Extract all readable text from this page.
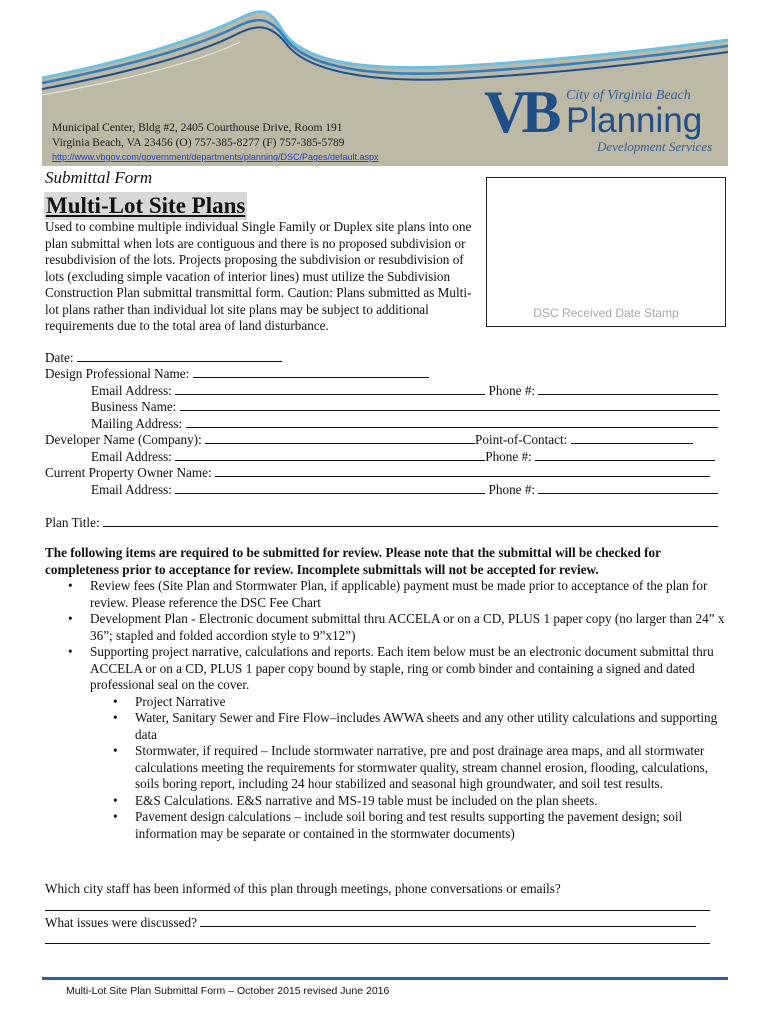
Municipal Center, Bldg #2, 2405 Courthouse Drive, Room 191
Virginia Beach, VA 23456 (O) 757-385-8277 (F) 757-385-5789
http://www.vbgov.com/government/departments/planning/DSC/Pages/default.aspx
VB City of Virginia Beach
Planning
Development Services
Submittal Form
Multi-Lot Site Plans
Used to combine multiple individual Single Family or Duplex site plans into one plan submittal when lots are contiguous and there is no proposed subdivision or resubdivision of the lots. Projects proposing the subdivision or resubdivision of lots (excluding simple vacation of interior lines) must utilize the Subdivision Construction Plan submittal transmittal form. Caution: Plans submitted as Multi-lot plans rather than individual lot site plans may be subject to additional requirements due to the total area of land disturbance.
DSC Received Date Stamp
Date:
Design Professional Name:
Email Address:	Phone #:
Business Name:
Mailing Address:
Developer Name (Company):	Point-of-Contact:
Email Address:	Phone #:
Current Property Owner Name:
Email Address:	Phone #:
Plan Title:

The following items are required to be submitted for review. Please note that the submittal will be checked for completeness prior to acceptance for review. Incomplete submittals will not be accepted for review.

• Review fees (Site Plan and Stormwater Plan, if applicable) payment must be made prior to acceptance of the plan for review. Please reference the DSC Fee Chart
• Development Plan - Electronic document submittal thru ACCELA or on a CD, PLUS 1 paper copy (no larger than 24” x 36”; stapled and folded accordion style to 9”x12”)
• Supporting project narrative, calculations and reports. Each item below must be an electronic document submittal thru ACCELA or on a CD, PLUS 1 paper copy bound by staple, ring or comb binder and containing a signed and dated professional seal on the cover.
• Project Narrative
• Water, Sanitary Sewer and Fire Flow–includes AWWA sheets and any other utility calculations and supporting data
• Stormwater, if required – Include stormwater narrative, pre and post drainage area maps, and all stormwater calculations meeting the requirements for stormwater quality, stream channel erosion, flooding, calculations, soils boring report, including 24 hour stabilized and seasonal high groundwater, and soil test results.
• E&S Calculations. E&S narrative and MS-19 table must be included on the plan sheets.
• Pavement design calculations – include soil boring and test results supporting the pavement design; soil information may be separate or contained in the stormwater documents)
Which city staff has been informed of this plan through meetings, phone conversations or emails?
What issues were discussed?
Multi-Lot Site Plan Submittal Form – October 2015 revised June 2016
